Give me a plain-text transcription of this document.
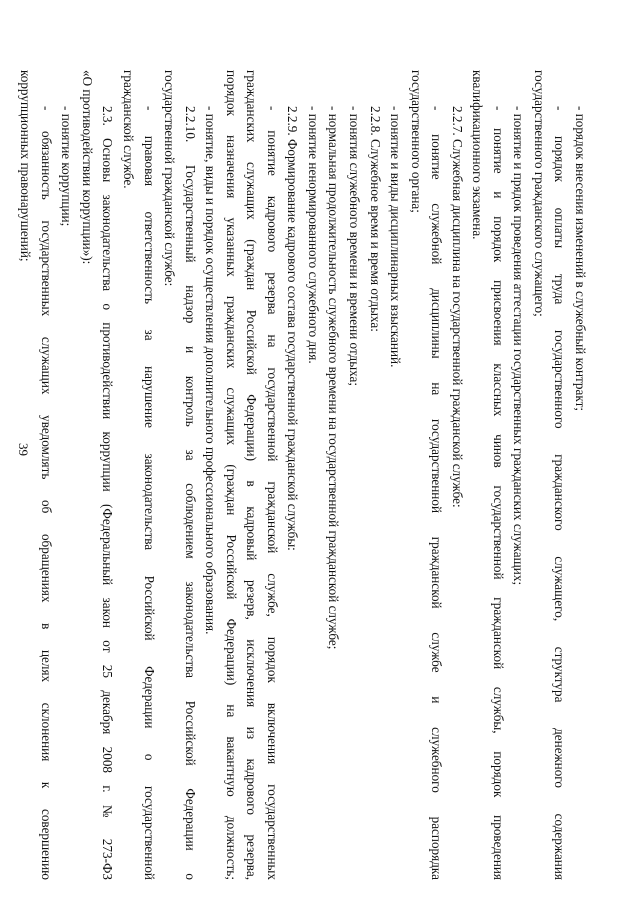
39
- порядок внесения изменений в служебный контракт;
- порядок оплаты труда государственного гражданского служащего, структура денежного содержания
государственного гражданского служащего;
- понятие и прядок проведения аттестации государственных гражданских служащих;
- понятие и порядок присвоения классных чинов государственной гражданской службы, порядок проведения
квалификационного экзамена.
2.2.7. Служебная дисциплина на государственной гражданской службе:
- понятие служебной дисциплины на государственной гражданской службе и служебного распорядка
государственного органа;
- понятие и виды дисциплинарных взысканий.
2.2.8. Служебное время и время отдыха:
- понятия служебного времени и времени отдыха;
- нормальная продолжительность служебного времени на государственной гражданской службе;
- понятие ненормированного служебного дня.
2.2.9. Формирование кадрового состава государственной гражданской службы:
- понятие кадрового резерва на государственной гражданской службе, порядок включения государственных
гражданских служащих (граждан Российской Федерации) в кадровый резерв, исключения из кадрового резерва,
порядок назначения указанных гражданских служащих (граждан Российской Федерации) на вакантную должность;
- понятие, виды и порядок осуществления дополнительного профессионального образования.
2.2.10. Государственный надзор и контроль за соблюдением законодательства Российской Федерации о
государственной гражданской службе:
- правовая ответственность за нарушение законодательства Российской Федерации о государственной
гражданской службе.
2.3. Основы законодательства о противодействии коррупции (Федеральный закон от 25 декабря 2008 г. № 273-ФЗ
«О противодействии коррупции»):
- понятие коррупции;
- обязанность государственных служащих уведомлять об обращениях в целях склонения к совершению
коррупционных правонарушений;
